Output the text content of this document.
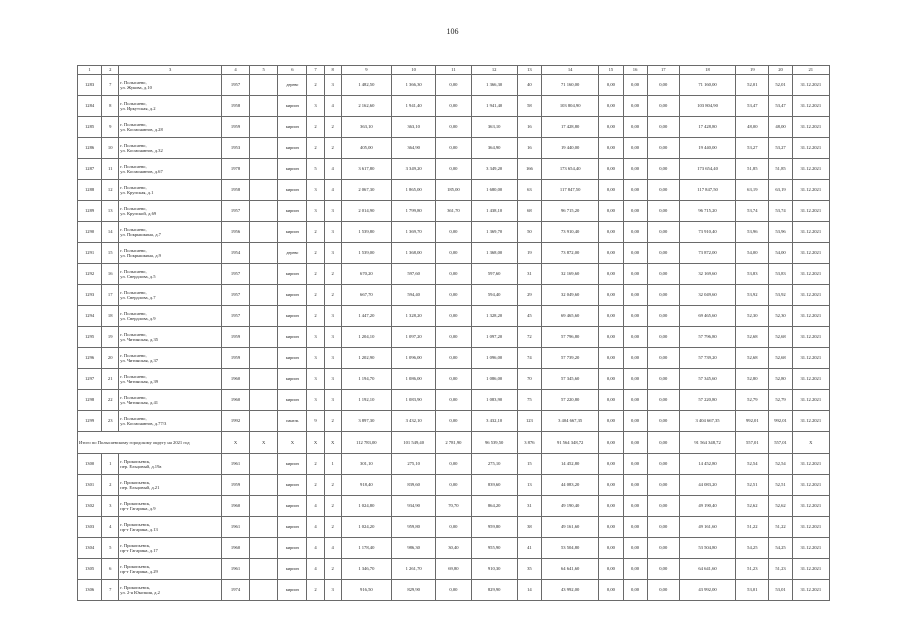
106
1	2	3	4	5	6	7	8	9	10	11	12	13	14	15	16	17	18	19	20	21
1283	7	г. Полысаево,
ул. Жукова, д.10	1957		дерево	2	3	1 482,50	1 366,30	0,00	1 366,30	40	71 160,00	0,00	0,00	0,00	71 160,00	52,01	52,01	31.12.2021
1284	8	г. Полысаево,
ул. Иркутская, д.2	1958		кирпич	3	4	2 162,60	1 941,40	0,00	1 941,40	58	103 804,90	0,00	0,00	0,00	103 804,90	53,47	53,47	31.12.2021
1285	9	г. Полысаево,
ул. Космонавтов, д.28	1959		кирпич	2	2	363,10	363,10	0,00	363,10	16	17 428,80	0,00	0,00	0,00	17 428,80	48,00	48,00	31.12.2021
1286	10	г. Полысаево,
ул. Космонавтов, д.32	1953		кирпич	2	2	405,00	364,90	0,00	364,90	16	19 440,00	0,00	0,00	0,00	19 440,00	53,27	53,27	31.12.2021
1287	11	г. Полысаево,
ул. Космонавтов, д.67	1978		кирпич	5	4	3 617,80	3 349,20	0,00	3 349,20	166	173 654,40	0,00	0,00	0,00	173 654,40	51,85	51,85	31.12.2021
1288	12	г. Полысаево,
ул. Крупская, д.1	1958		кирпич	3	4	2 067,30	1 865,00	185,00	1 680,00	63	117 847,50	0,00	0,00	0,00	117 847,50	63,19	63,19	31.12.2021
1289	13	г. Полысаево,
ул. Крупской, д.69	1957		кирпич	3	3	2 014,90	1 799,80	361,70	1 438,10	68	96 715,20	0,00	0,00	0,00	96 715,20	53,74	53,74	31.12.2021
1290	14	г. Полысаево,
ул. Покрышкина, д.7	1956		кирпич	2	3	1 539,80	1 369,70	0,00	1 369,70	50	73 910,40	0,00	0,00	0,00	73 910,40	53,96	53,96	31.12.2021
1291	15	г. Полысаево,
ул. Покрышкина, д.9	1954		дерево	2	3	1 539,00	1 368,00	0,00	1 368,00	19	73 872,00	0,00	0,00	0,00	73 872,00	54,00	54,00	31.12.2021
1292	16	г. Полысаево,
ул. Свердлова, д.5	1957		кирпич	2	2	670,20	597,60	0,00	597,60	31	32 169,60	0,00	0,00	0,00	32 169,60	53,83	53,83	31.12.2021
1293	17	г. Полысаево,
ул. Свердлова, д.7	1957		кирпич	2	2	667,70	594,40	0,00	594,40	29	32 049,60	0,00	0,00	0,00	32 049,60	53,92	53,92	31.12.2021
1294	18	г. Полысаево,
ул. Свердлова, д.9	1957		кирпич	2	3	1 447,20	1 328,20	0,00	1 328,20	45	69 465,60	0,00	0,00	0,00	69 465,60	52,30	52,30	31.12.2021
1295	19	г. Полысаево,
ул. Читинская, д.35	1959		кирпич	3	3	1 204,10	1 097,20	0,00	1 097,20	72	57 796,80	0,00	0,00	0,00	57 796,80	52,68	52,68	31.12.2021
1296	20	г. Полысаево,
ул. Читинская, д.37	1959		кирпич	3	3	1 202,90	1 096,00	0,00	1 096,00	74	57 739,20	0,00	0,00	0,00	57 739,20	52,68	52,68	31.12.2021
1297	21	г. Полысаево,
ул. Читинская, д.39	1960		кирпич	3	3	1 194,70	1 086,00	0,00	1 086,00	70	57 345,60	0,00	0,00	0,00	57 345,60	52,80	52,80	31.12.2021
1298	22	г. Полысаево,
ул. Читинская, д.41	1960		кирпич	3	3	1 192,10	1 083,90	0,00	1 083,90	75	57 220,80	0,00	0,00	0,00	57 220,80	52,79	52,79	31.12.2021
1299	23	г. Полысаево,
ул. Космонавтов, д.77/3	1992		панель	9	2	3 897,30	3 432,10	0,00	3 432,10	123	3 404 667,35	0,00	0,00	0,00	3 404 667,35	992,01	992,01	31.12.2021
Итого по Полысаевскому городскому округу на 2021 год			X	X	X	X	X	112 783,00	101 549,40	2 781,90	96 539,50	3 876	91 564 348,72	0,00	0,00	0,00	91 564 348,72	557,01	557,01	X
1300	1	г. Прокопьевск,
пер. Ельцовый, д.19а	1961		кирпич	2	1	301,10	275,10	0,00	275,10	15	14 452,80	0,00	0,00	0,00	14 452,80	52,54	52,54	31.12.2021
1301	2	г. Прокопьевск,
пер. Ельцовый, д.21	1959		кирпич	2	2	918,40	839,60	0,00	839,60	13	44 083,20	0,00	0,00	0,00	44 083,20	52,51	52,51	31.12.2021
1302	3	г. Прокопьевск,
пр-т Гагарина, д.9	1960		кирпич	4	2	1 024,80	934,90	70,70	864,20	31	49 190,40	0,00	0,00	0,00	49 190,40	52,62	52,62	31.12.2021
1303	4	г. Прокопьевск,
пр-т Гагарина, д.13	1961		кирпич	4	2	1 024,20	959,80	0,00	959,80	38	49 161,60	0,00	0,00	0,00	49 161,60	51,22	51,22	31.12.2021
1304	5	г. Прокопьевск,
пр-т Гагарина, д.17	1960		кирпич	4	4	1 178,40	986,30	30,40	955,90	41	53 504,80	0,00	0,00	0,00	53 504,80	54,25	54,25	31.12.2021
1305	6	г. Прокопьевск,
пр-т Гагарина, д.29	1961		кирпич	4	2	1 346,70	1 261,70	69,80	910,30	35	64 641,60	0,00	0,00	0,00	64 641,60	51,23	51,23	31.12.2021
1306	7	г. Прокопьевск,
ул. 2-я Юкоэкия, д.2	1974		кирпич	2	3	916,50	829,90	0,00	829,90	14	43 992,00	0,00	0,00	0,00	43 992,00	53,01	53,01	31.12.2021
